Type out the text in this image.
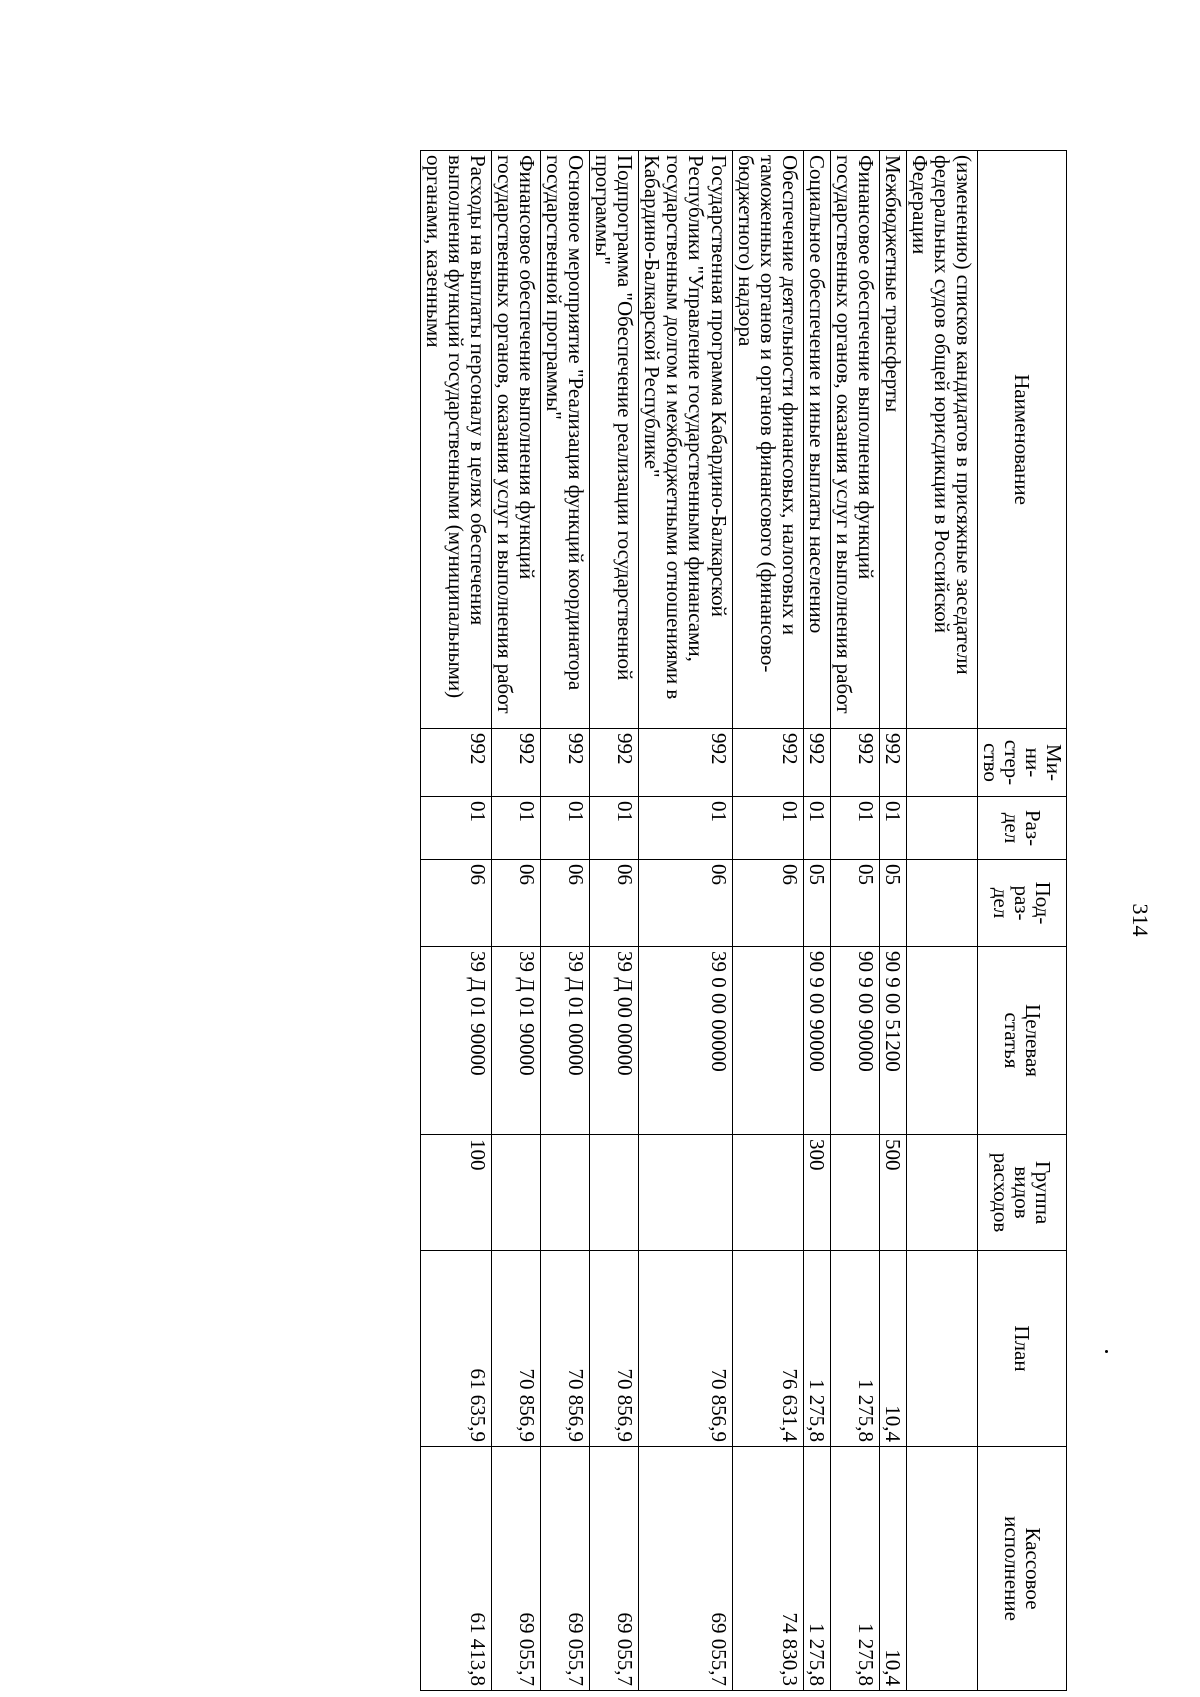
314
Наименование	Ми-
ни-
стер-
ство	Раз-
дел	Под-
раз-
дел	Целевая
статья	Группа
видов
расходов	План	Кассовое
исполнение
(изменению) списков кандидатов в присяжные заседатели федеральных судов общей юрисдикции в Российской Федерации							
Межбюджетные трансферты	992	01	05	90 9 00 51200	500	10,4	10,4
Финансовое обеспечение выполнения функций государственных органов, оказания услуг и выполнения работ	992	01	05	90 9 00 90000		1 275,8	1 275,8
Социальное обеспечение и иные выплаты населению	992	01	05	90 9 00 90000	300	1 275,8	1 275,8
Обеспечение деятельности финансовых, налоговых и таможенных органов и органов финансового (финансово-бюджетного) надзора	992	01	06			76 631,4	74 830,3
Государственная программа Кабардино-Балкарской Республики "Управление государственными финансами, государственным долгом и межбюджетными отношениями в Кабардино-Балкарской Республике"	992	01	06	39 0 00 00000		70 856,9	69 055,7
Подпрограмма "Обеспечение реализации государственной программы"	992	01	06	39 Д 00 00000		70 856,9	69 055,7
Основное мероприятие "Реализация функций координатора государственной программы"	992	01	06	39 Д 01 00000		70 856,9	69 055,7
Финансовое обеспечение выполнения функций государственных органов, оказания услуг и выполнения работ	992	01	06	39 Д 01 90000		70 856,9	69 055,7
Расходы на выплаты персоналу в целях обеспечения выполнения функций государственными (муниципальными) органами, казенными	992	01	06	39 Д 01 90000	100	61 635,9	61 413,8
